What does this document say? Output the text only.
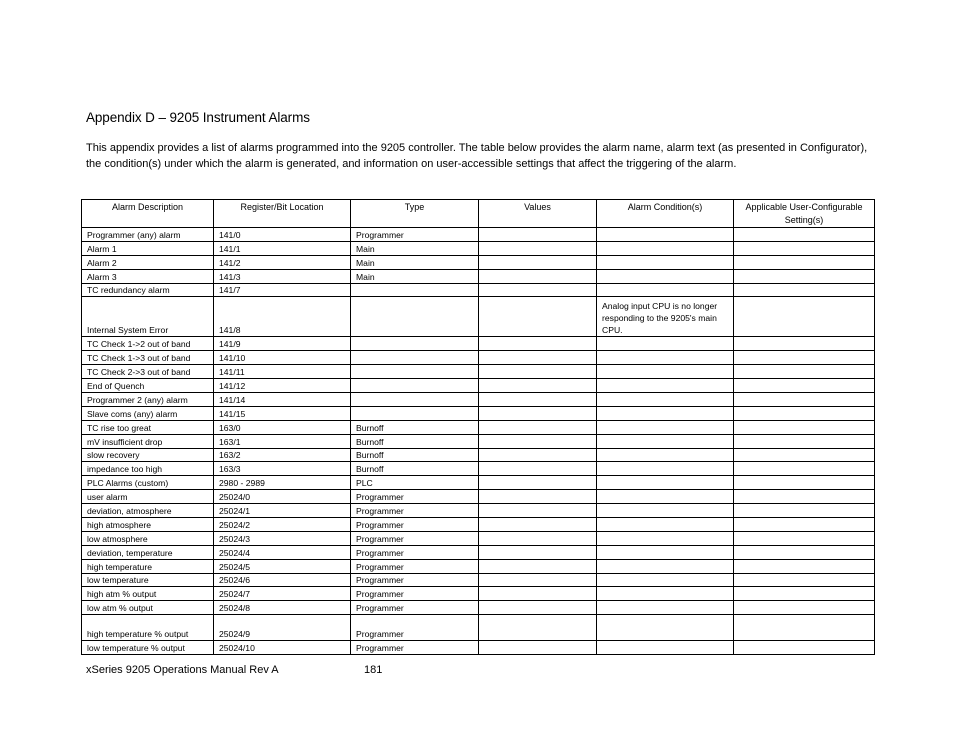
Appendix D – 9205 Instrument Alarms

This appendix provides a list of alarms programmed into the 9205 controller. The table below provides the alarm name, alarm text (as presented in Configurator), the condition(s) under which the alarm is generated, and information on user-accessible settings that affect the triggering of the alarm.

Alarm Description	Register/Bit Location	Type	Values	Alarm Condition(s)	Applicable User-Configurable Setting(s)
Programmer (any) alarm	141/0	Programmer			
Alarm 1	141/1	Main			
Alarm 2	141/2	Main			
Alarm 3	141/3	Main			
TC redundancy alarm	141/7				
Internal System Error	141/8			Analog input CPU is no longer responding to the 9205's main CPU.	
TC Check 1->2 out of band	141/9				
TC Check 1->3 out of band	141/10				
TC Check 2->3 out of band	141/11				
End of Quench	141/12				
Programmer 2 (any) alarm	141/14				
Slave coms (any) alarm	141/15				
TC rise too great	163/0	Burnoff			
mV insufficient drop	163/1	Burnoff			
slow recovery	163/2	Burnoff			
impedance too high	163/3	Burnoff			
PLC Alarms (custom)	2980 - 2989	PLC			
user alarm	25024/0	Programmer			
deviation, atmosphere	25024/1	Programmer			
high atmosphere	25024/2	Programmer			
low atmosphere	25024/3	Programmer			
deviation, temperature	25024/4	Programmer			
high temperature	25024/5	Programmer			
low temperature	25024/6	Programmer			
high atm % output	25024/7	Programmer			
low atm % output	25024/8	Programmer			
high temperature % output	25024/9	Programmer			
low temperature % output	25024/10	Programmer			
xSeries 9205 Operations Manual Rev A	181
